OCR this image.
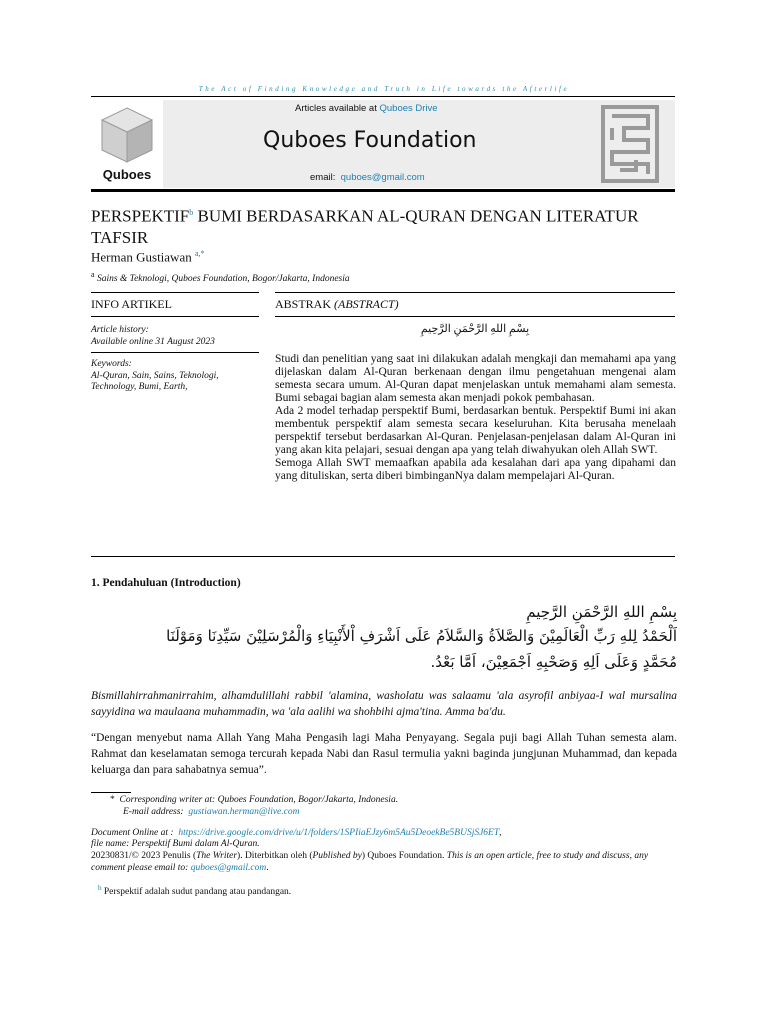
The Act of Finding Knowledge and Truth in Life towards the Afterlife
Quboes
Articles available at Quboes Drive
Quboes Foundation
email: quboes@gmail.com
PERSPEKTIF$^b$ BUMI BERDASARKAN AL-QURAN DENGAN LITERATUR TAFSIR
Herman Gustiawan $^{a,*}$
$^a$ Sains & Teknologi, Quboes Foundation, Bogor/Jakarta, Indonesia
INFO ARTIKEL	ABSTRAK (ABSTRACT)
Article history:
Available online 31 August 2023
Keywords:
Al-Quran, Sain, Sains, Teknologi, Technology, Bumi, Earth,
بِسْمِ اللهِ الرَّحْمَنِ الرَّحِيمِ

Studi dan penelitian yang saat ini dilakukan adalah mengkaji dan memahami apa yang dijelaskan dalam Al-Quran berkenaan dengan ilmu pengetahuan mengenai alam semesta secara umum. Al-Quran dapat menjelaskan untuk memahami alam semesta. Bumi sebagai bagian alam semesta akan menjadi pokok pembahasan.

Ada 2 model terhadap perspektif Bumi, berdasarkan bentuk. Perspektif Bumi ini akan membentuk perspektif alam semesta secara keseluruhan. Kita berusaha menelaah perspektif tersebut berdasarkan Al-Quran. Penjelasan-penjelasan dalam Al-Quran ini yang akan kita pelajari, sesuai dengan apa yang telah diwahyukan oleh Allah SWT.

Semoga Allah SWT memaafkan apabila ada kesalahan dari apa yang dipahami dan yang dituliskan, serta diberi bimbinganNya dalam mempelajari Al-Quran.

1. Pendahuluan (Introduction)
بِسْمِ اللهِ الرَّحْمَنِ الرَّحِيمِ
اَلْحَمْدُ لِلهِ رَبِّ الْعَالَمِيْنَ وَالصَّلاَةُ وَالسَّلاَمُ عَلَى اَشْرَفِ اْلأَنْبِيَاءِ وَالْمُرْسَلِيْنَ سَيِّدِنَا وَمَوْلَنَا
مُحَمَّدٍ وَعَلَى اَلِهِ وَصَحْبِهِ اَجْمَعِيْنَ، اَمَّا بَعْدُ.
Bismillahirrahmanirrahim, alhamdulillahi rabbil 'alamina, washolatu was salaamu 'ala asyrofil anbiyaa-I wal mursalina sayyidina wa maulaana muhammadin, wa 'ala aalihi wa shohbihi ajma'tina. Amma ba'du.
“Dengan menyebut nama Allah Yang Maha Pengasih lagi Maha Penyayang. Segala puji bagi Allah Tuhan semesta alam. Rahmat dan keselamatan semoga tercurah kepada Nabi dan Rasul termulia yakni baginda jungjunan Muhammad, dan kepada keluarga dan para sahabatnya semua”.
* Corresponding writer at: Quboes Foundation, Bogor/Jakarta, Indonesia.
E-mail address: gustiawan.herman@live.com
Document Online at : https://drive.google.com/drive/u/1/folders/1SPIiaEJzy6m5Au5DeoekBe5BUSjSJ6ET,
file name: Perspektif Bumi dalam Al-Quran.
20230831/© 2023 Penulis (The Writer). Diterbitkan oleh (Published by) Quboes Foundation. This is an open article, free to study and discuss, any comment please email to: quboes@gmail.com.
$^b$ Perspektif adalah sudut pandang atau pandangan.
